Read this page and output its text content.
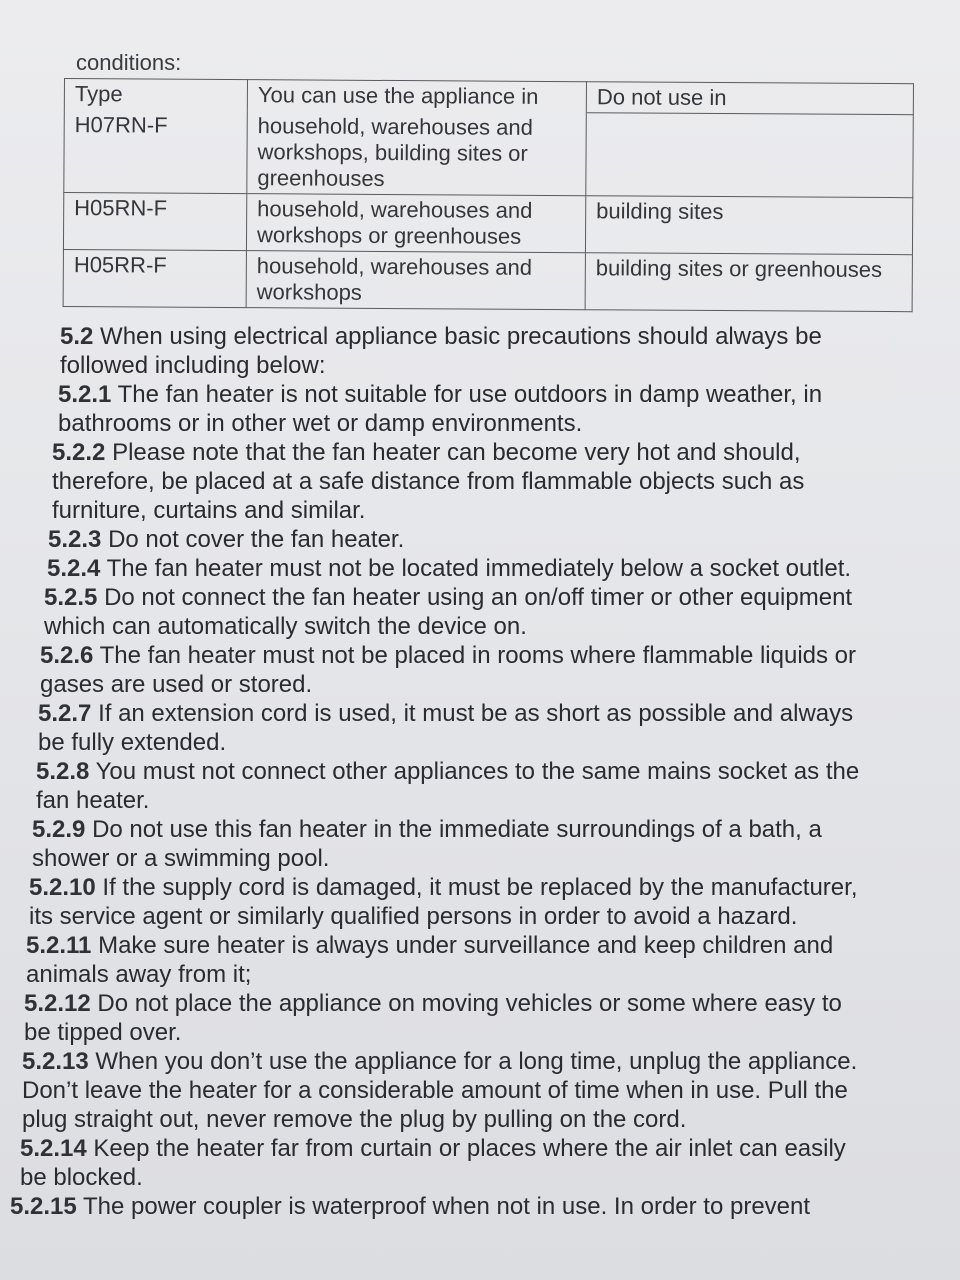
conditions:
Type	You can use the appliance in	Do not use in
H07RN-F	household, warehouses and workshops, building sites or greenhouses	
H05RN-F	household, warehouses and workshops or greenhouses	building sites
H05RR-F	household, warehouses and workshops	building sites or greenhouses
5.2 When using electrical appliance basic precautions should always be
followed including below:
5.2.1 The fan heater is not suitable for use outdoors in damp weather, in
bathrooms or in other wet or damp environments.
5.2.2 Please note that the fan heater can become very hot and should,
therefore, be placed at a safe distance from flammable objects such as
furniture, curtains and similar.
5.2.3 Do not cover the fan heater.
5.2.4 The fan heater must not be located immediately below a socket outlet.
5.2.5 Do not connect the fan heater using an on/off timer or other equipment
which can automatically switch the device on.
5.2.6 The fan heater must not be placed in rooms where flammable liquids or
gases are used or stored.
5.2.7 If an extension cord is used, it must be as short as possible and always
be fully extended.
5.2.8 You must not connect other appliances to the same mains socket as the
fan heater.
5.2.9 Do not use this fan heater in the immediate surroundings of a bath, a
shower or a swimming pool.
5.2.10 If the supply cord is damaged, it must be replaced by the manufacturer,
its service agent or similarly qualified persons in order to avoid a hazard.
5.2.11 Make sure heater is always under surveillance and keep children and
animals away from it;
5.2.12 Do not place the appliance on moving vehicles or some where easy to
be tipped over.
5.2.13 When you don’t use the appliance for a long time, unplug the appliance.
Don’t leave the heater for a considerable amount of time when in use. Pull the
plug straight out, never remove the plug by pulling on the cord.
5.2.14 Keep the heater far from curtain or places where the air inlet can easily
be blocked.
5.2.15 The power coupler is waterproof when not in use. In order to prevent
